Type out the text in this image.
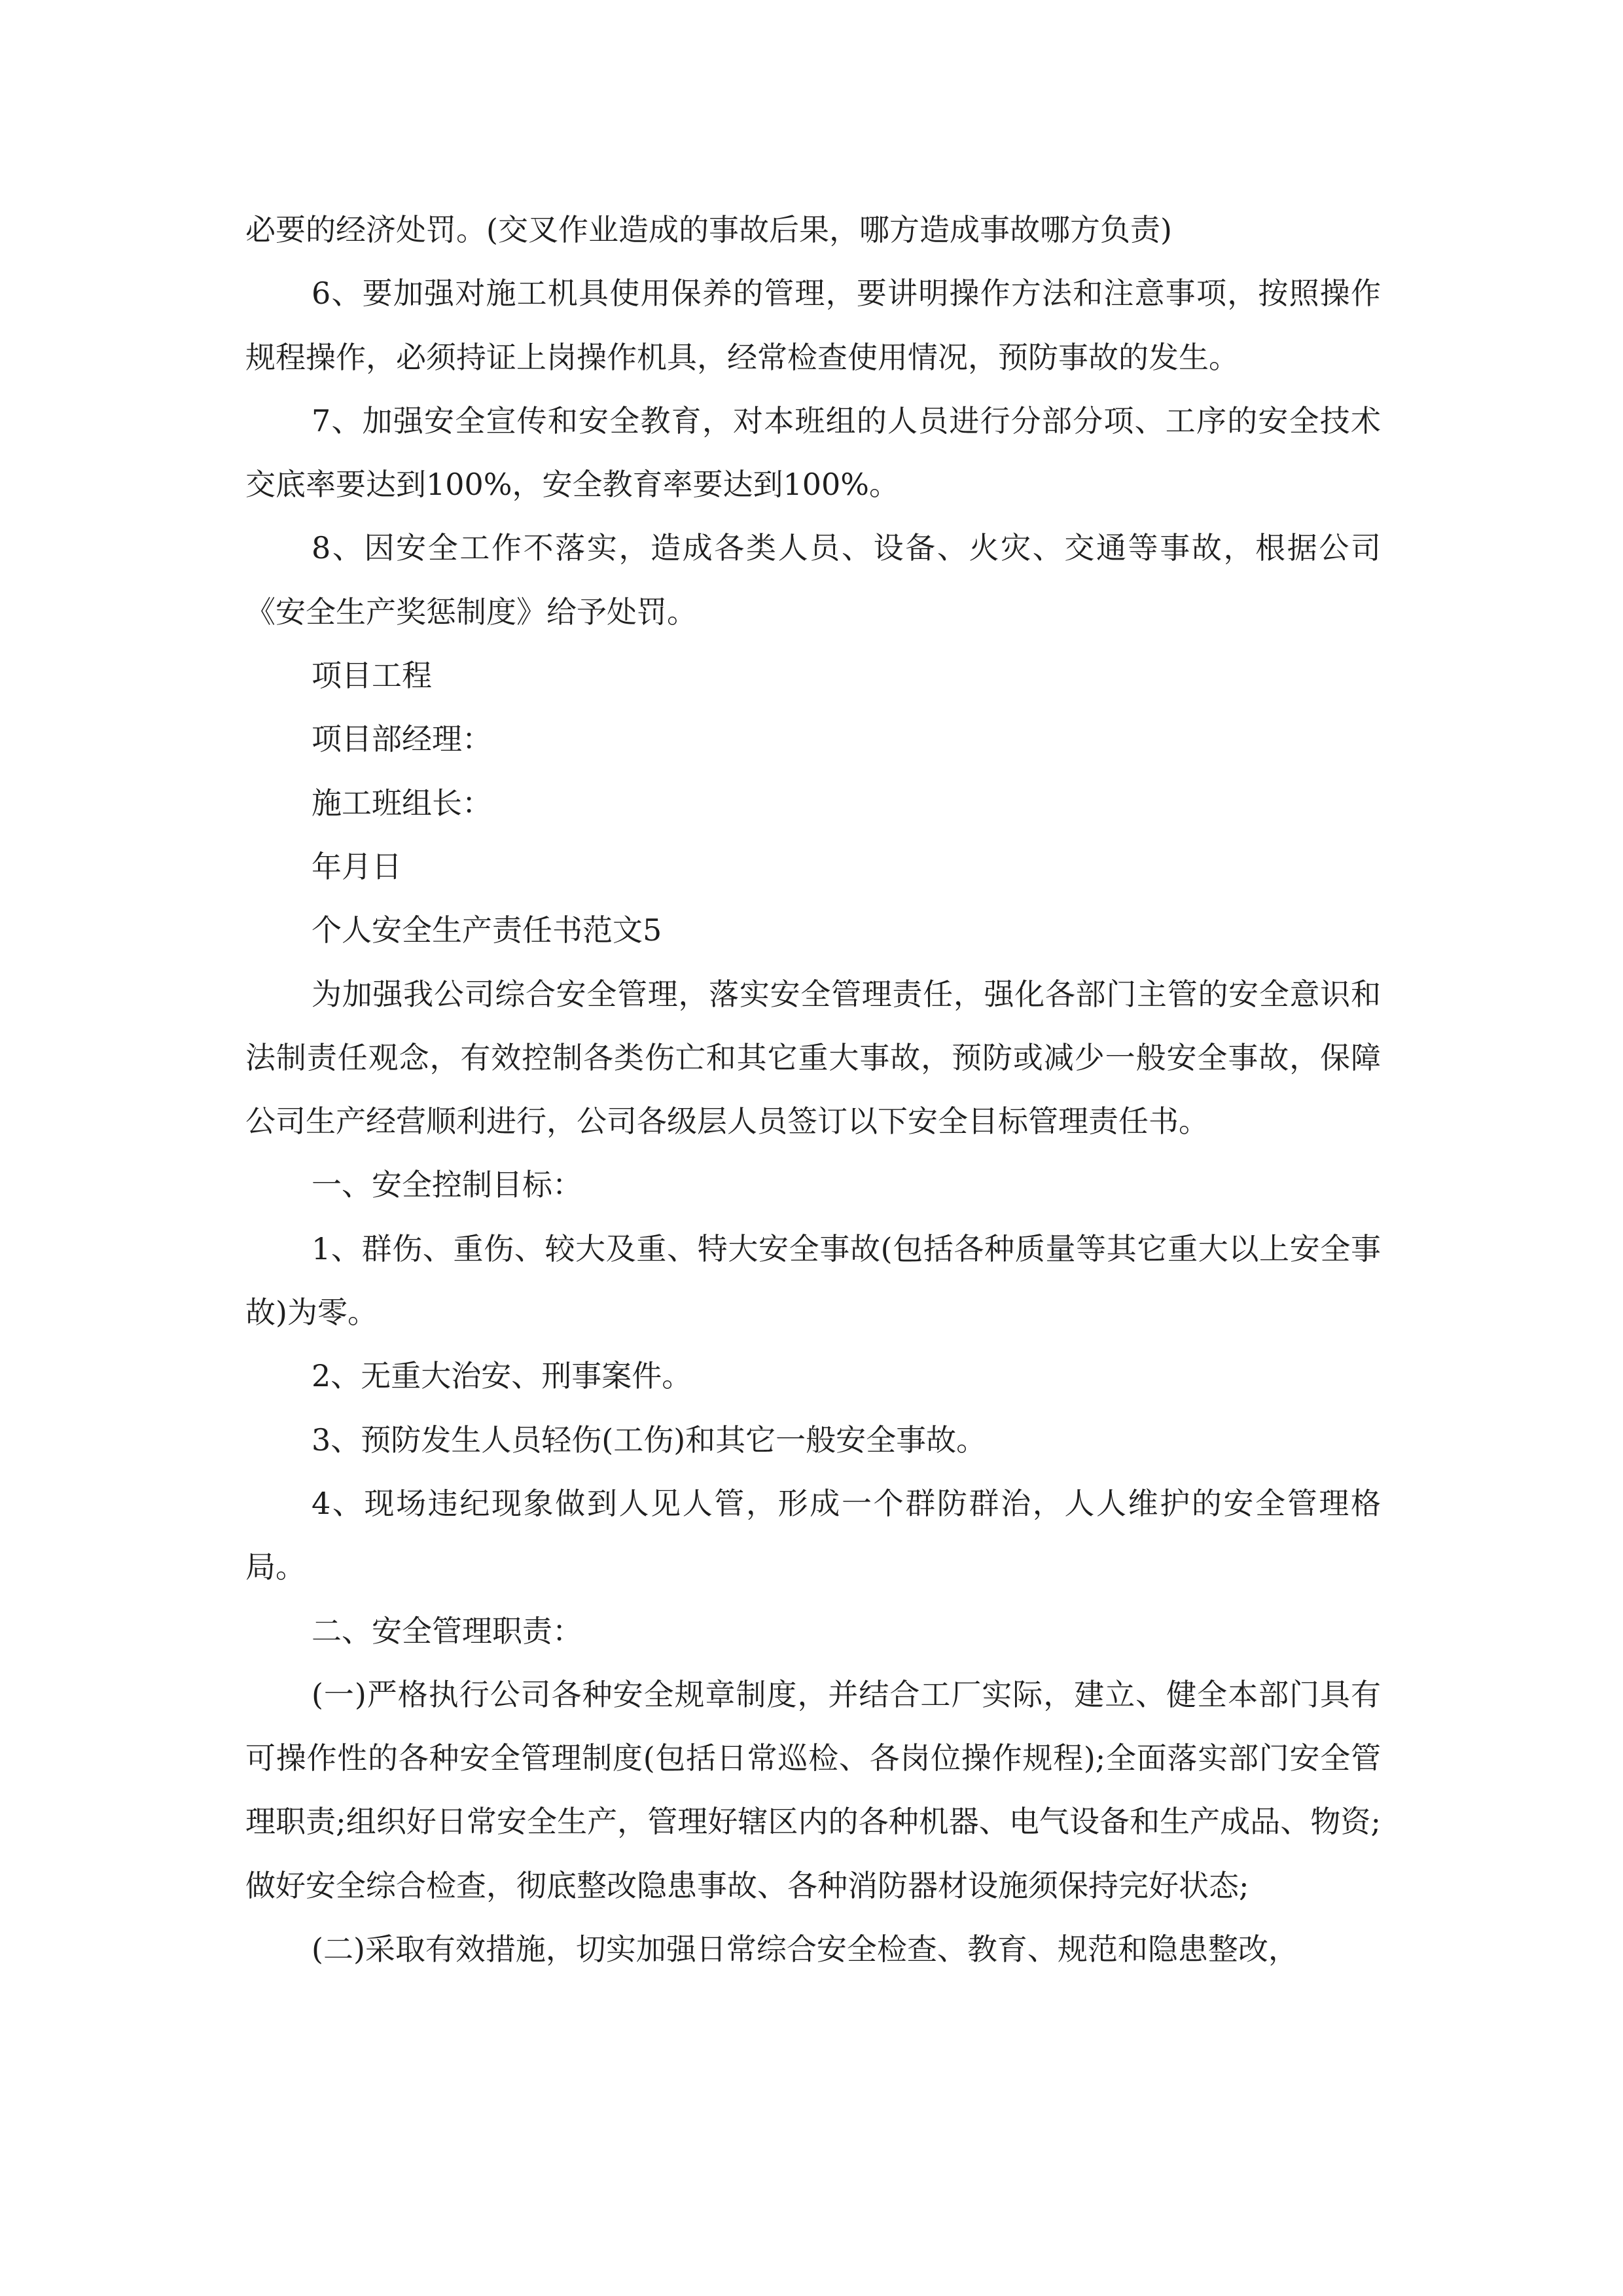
必要的经济处罚。(交叉作业造成的事故后果，哪方造成事故哪方负责)

6、要加强对施工机具使用保养的管理，要讲明操作方法和注意事项，按照操作规程操作，必须持证上岗操作机具，经常检查使用情况，预防事故的发生。

7、加强安全宣传和安全教育，对本班组的人员进行分部分项、工序的安全技术交底率要达到100%，安全教育率要达到100%。

8、因安全工作不落实，造成各类人员、设备、火灾、交通等事故，根据公司《安全生产奖惩制度》给予处罚。

项目工程

项目部经理：

施工班组长：

年月日

个人安全生产责任书范文5

为加强我公司综合安全管理，落实安全管理责任，强化各部门主管的安全意识和法制责任观念，有效控制各类伤亡和其它重大事故，预防或减少一般安全事故，保障公司生产经营顺利进行，公司各级层人员签订以下安全目标管理责任书。

一、安全控制目标：

1、群伤、重伤、较大及重、特大安全事故(包括各种质量等其它重大以上安全事故)为零。

2、无重大治安、刑事案件。

3、预防发生人员轻伤(工伤)和其它一般安全事故。

4、现场违纪现象做到人见人管，形成一个群防群治，人人维护的安全管理格局。

二、安全管理职责：

(一)严格执行公司各种安全规章制度，并结合工厂实际，建立、健全本部门具有可操作性的各种安全管理制度(包括日常巡检、各岗位操作规程);全面落实部门安全管理职责;组织好日常安全生产，管理好辖区内的各种机器、电气设备和生产成品、物资;做好安全综合检查，彻底整改隐患事故、各种消防器材设施须保持完好状态;

(二)采取有效措施，切实加强日常综合安全检查、教育、规范和隐患整改，
